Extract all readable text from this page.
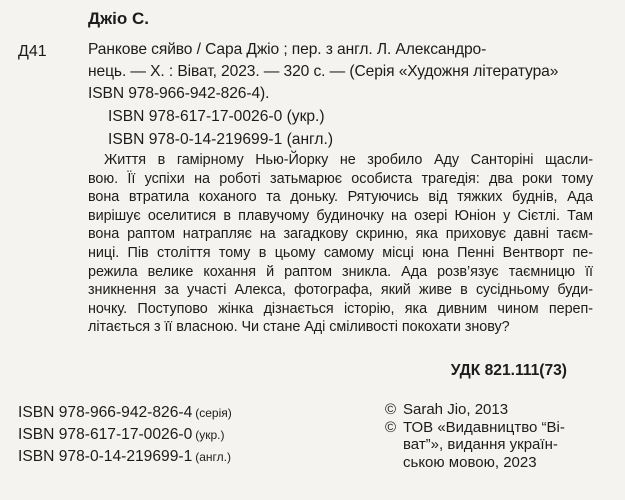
Джіо С.
Д41	Ранкове сяйво / Сара Джіо ; пер. з англ. Л. Александро-
нець. — Х. : Віват, 2023. — 320 с. — (Серія «Художня література»
ISBN 978-966-942-826-4).
ISBN 978-617-17-0026-0 (укр.)
ISBN 978-0-14-219699-1 (англ.)
Життя в гамірному Нью-Йорку не зробило Аду Санторіні щасли-
вою. Її успіхи на роботі затьмарює особиста трагедія: два роки тому
вона втратила коханого та доньку. Рятуючись від тяжких буднів, Ада
вирішує оселитися в плавучому будиночку на озері Юніон у Сієтлі. Там
вона раптом натрапляє на загадкову скриню, яка приховує давні таєм-
ниці. Пів століття тому в цьому самому місці юна Пенні Вентворт пе-
режила велике кохання й раптом зникла. Ада розв’язує таємницю її
зникнення за участі Алекса, фотографа, який живе в сусідньому буди-
ночку. Поступово жінка дізнається історію, яка дивним чином переп-
літається з її власною. Чи стане Аді сміливості покохати знову?
УДК 821.111(73)
ISBN 978-966-942-826-4 (серія)
ISBN 978-617-17-0026-0 (укр.)
ISBN 978-0-14-219699-1 (англ.)
© Sarah Jio, 2013
© ТОВ «Видавництво “Ві-
ват”», видання україн-
ською мовою, 2023
